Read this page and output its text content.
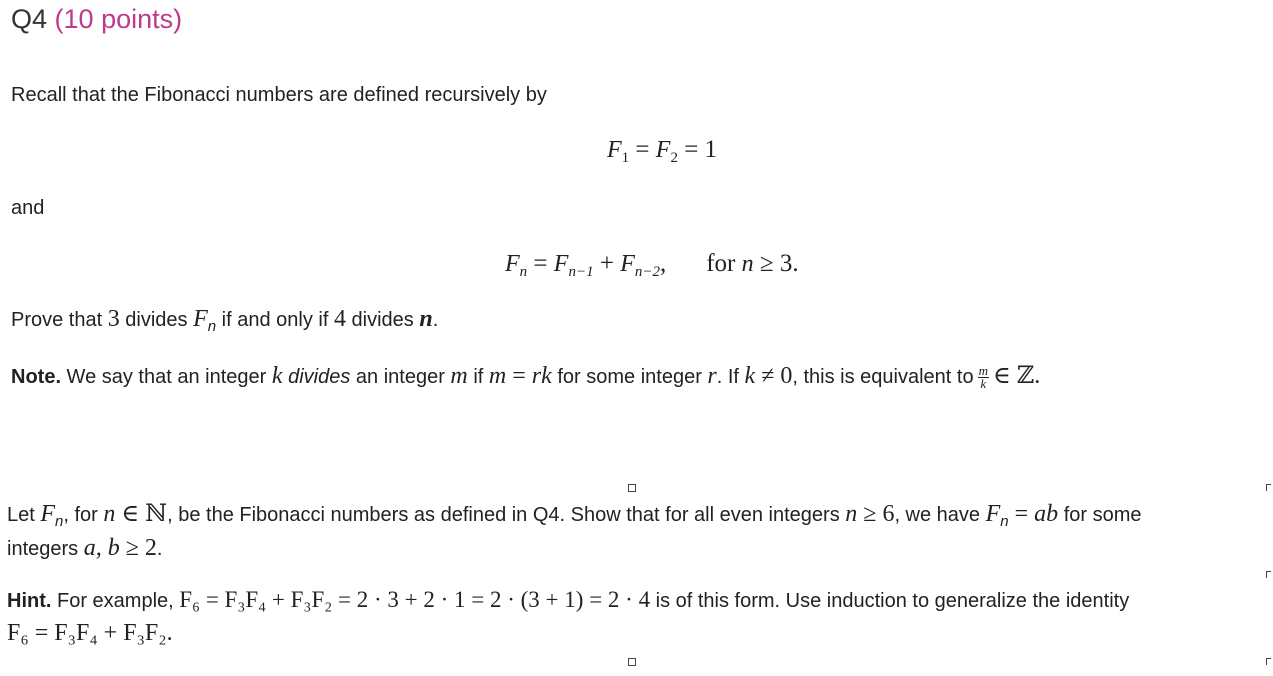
Q4 (10 points)
Recall that the Fibonacci numbers are defined recursively by
$F_1 = F_2 = 1$
and
$F_n = F_{n-1} + F_{n-2}$, for n ≥ 3.
Prove that 3 divides $F_n$ if and only if 4 divides n.
Note. We say that an integer k divides an integer m if m = rk for some integer r. If k ≠ 0, this is equivalent to $\frac{m}{k}$ ∈ ℤ.
Let $F_n$, for n ∈ ℕ, be the Fibonacci numbers as defined in Q4. Show that for all even integers n ≥ 6, we have $F_n$ = ab for some
integers a, b ≥ 2.
Hint. For example, F₆ = F₃F₄ + F₃F₂ = 2 · 3 + 2 · 1 = 2 · (3 + 1) = 2 · 4 is of this form. Use induction to generalize the identity
F₆ = F₃F₄ + F₃F₂.
